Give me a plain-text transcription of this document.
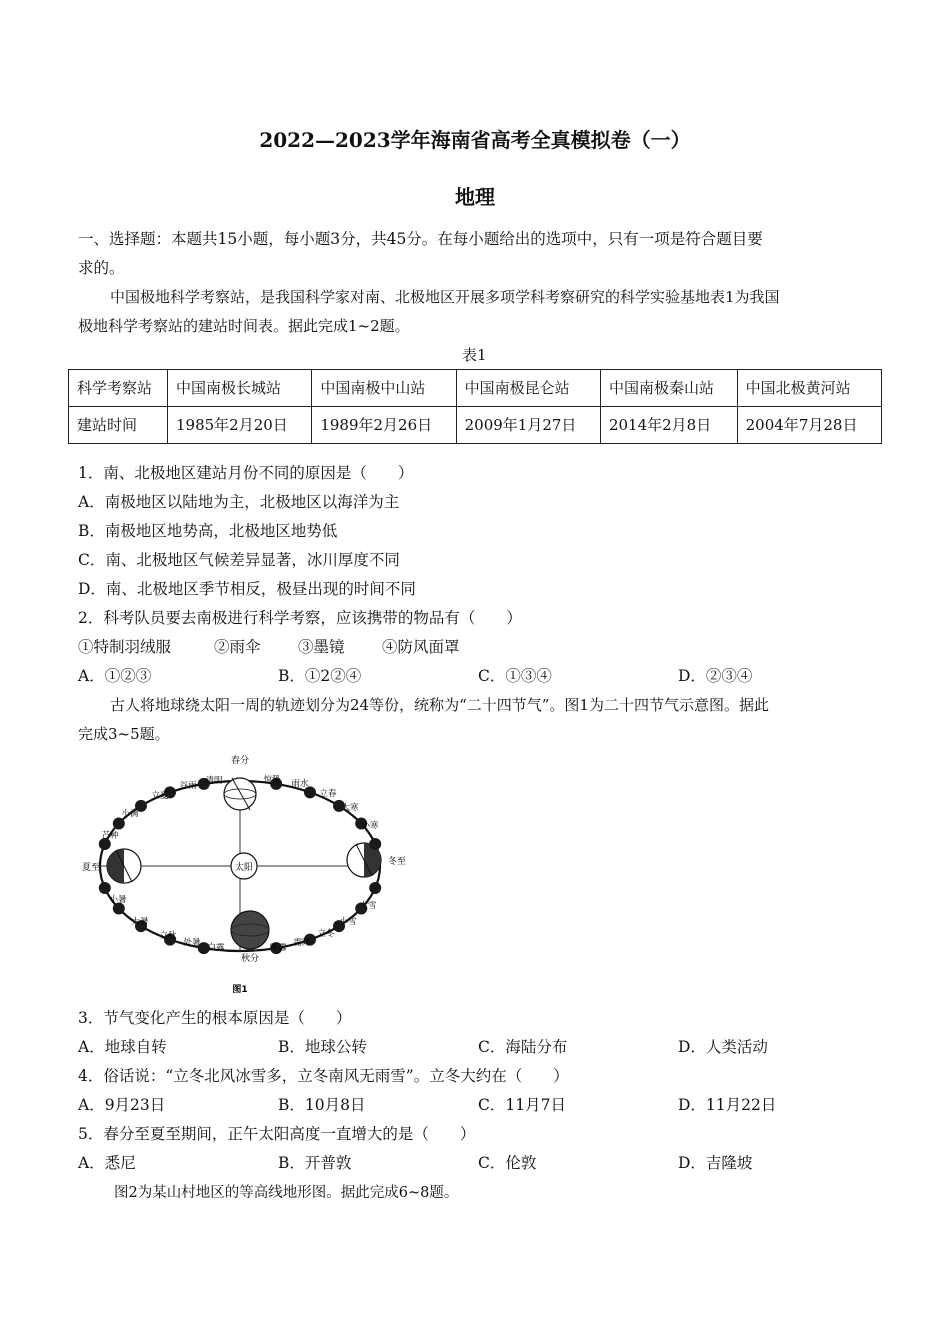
2022—2023学年海南省高考全真模拟卷（一）
地理
一、选择题：本题共15小题，每小题3分，共45分。在每小题给出的选项中，只有一项是符合题目要
求的。
中国极地科学考察站，是我国科学家对南、北极地区开展多项学科考察研究的科学实验基地表1为我国
极地科学考察站的建站时间表。据此完成1~2题。
表1
科学考察站	中国南极长城站	中国南极中山站	中国南极昆仑站	中国南极秦山站	中国北极黄河站
建站时间	1985年2月20日	1989年2月26日	2009年1月27日	2014年2月8日	2004年7月28日
1．南、北极地区建站月份不同的原因是（　　）
A．南极地区以陆地为主，北极地区以海洋为主
B．南极地区地势高，北极地区地势低
C．南、北极地区气候差异显著，冰川厚度不同
D．南、北极地区季节相反，极昼出现的时间不同
2．科考队员要去南极进行科学考察，应该携带的物品有（　　）
①特制羽绒服	②雨伞 ③墨镜 ④防风面罩
A．①②③	B．①2②④	C．①③④	D．②③④
古人将地球绕太阳一周的轨迹划分为24等份，统称为“二十四节气”。图1为二十四节气示意图。据此
完成3~5题。
太阳
春分
夏至
秋分
冬至
芒种
小满
立夏
谷雨 清明	惊蛰 雨水
立春
大寒
小寒
小暑
大暑
立秋
处暑 白露	寒露 霜降
立冬
小雪
大雪
图1
3．节气变化产生的根本原因是（　　）
A．地球自转	B．地球公转	C．海陆分布	D．人类活动
4．俗话说：“立冬北风冰雪多，立冬南风无雨雪”。立冬大约在（　　）
A．9月23日	B．10月8日	C．11月7日	D．11月22日
5．春分至夏至期间，正午太阳高度一直增大的是（　　）
A．悉尼	B．开普敦	C．伦敦	D．吉隆坡
图2为某山村地区的等高线地形图。据此完成6~8题。
